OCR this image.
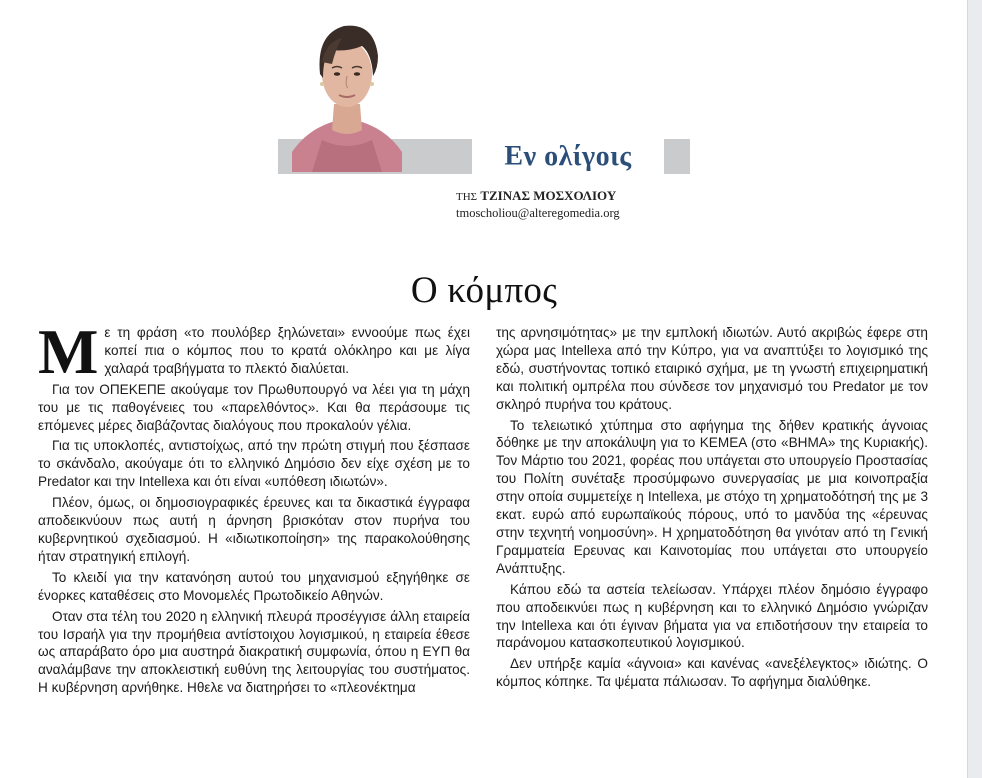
Εν ολίγοις
ΤΗΣ ΤΖΙΝΑΣ ΜΟΣΧΟΛΙΟΥ
tmoscholiou@alteregomedia.org
Ο κόμπος

Με τη φράση «το πουλόβερ ξηλώνεται» εννοούμε πως έχει κοπεί πια ο κόμπος που το κρατά ολόκληρο και με λίγα χαλαρά τραβήγματα το πλεκτό διαλύεται.

Για τον ΟΠΕΚΕΠΕ ακούγαμε τον Πρωθυπουργό να λέει για τη μάχη του με τις παθογένειες του «παρελθόντος». Και θα περάσουμε τις επόμενες μέρες διαβάζοντας διαλόγους που προκαλούν γέλια.

Για τις υποκλοπές, αντιστοίχως, από την πρώτη στιγμή που ξέσπασε το σκάνδαλο, ακούγαμε ότι το ελληνικό Δημόσιο δεν είχε σχέση με το Predator και την Intellexa και ότι είναι «υπόθεση ιδιωτών».

Πλέον, όμως, οι δημοσιογραφικές έρευνες και τα δικαστικά έγγραφα αποδεικνύουν πως αυτή η άρνηση βρισκόταν στον πυρήνα του κυβερνητικού σχεδιασμού. Η «ιδιωτικοποίηση» της παρακολούθησης ήταν στρατηγική επιλογή.

Το κλειδί για την κατανόηση αυτού του μηχανισμού εξηγήθηκε σε ένορκες καταθέσεις στο Μονομελές Πρωτοδικείο Αθηνών.

Οταν στα τέλη του 2020 η ελληνική πλευρά προσέγγισε άλλη εταιρεία του Ισραήλ για την προμήθεια αντίστοιχου λογισμικού, η εταιρεία έθεσε ως απαράβατο όρο μια αυστηρά διακρατική συμφωνία, όπου η ΕΥΠ θα αναλάμβανε την αποκλειστική ευθύνη της λειτουργίας του συστήματος. Η κυβέρνηση αρνήθηκε. Ηθελε να διατηρήσει το «πλεονέκτημα

της αρνησιμότητας» με την εμπλοκή ιδιωτών. Αυτό ακριβώς έφερε στη χώρα μας Intellexa από την Κύπρο, για να αναπτύξει το λογισμικό της εδώ, συστήνοντας τοπικό εταιρικό σχήμα, με τη γνωστή επιχειρηματική και πολιτική ομπρέλα που σύνδεσε τον μηχανισμό του Predator με τον σκληρό πυρήνα του κράτους.

Το τελειωτικό χτύπημα στο αφήγημα της δήθεν κρατικής άγνοιας δόθηκε με την αποκάλυψη για το ΚΕΜΕΑ (στο «ΒΗΜΑ» της Κυριακής). Τον Μάρτιο του 2021, φορέας που υπάγεται στο υπουργείο Προστασίας του Πολίτη συνέταξε προσύμφωνο συνεργασίας με μια κοινοπραξία στην οποία συμμετείχε η Intellexa, με στόχο τη χρηματοδότησή της με 3 εκατ. ευρώ από ευρωπαϊκούς πόρους, υπό το μανδύα της «έρευνας στην τεχνητή νοημοσύνη». Η χρηματοδότηση θα γινόταν από τη Γενική Γραμματεία Ερευνας και Καινοτομίας που υπάγεται στο υπουργείο Ανάπτυξης.

Κάπου εδώ τα αστεία τελείωσαν. Υπάρχει πλέον δημόσιο έγγραφο που αποδεικνύει πως η κυβέρνηση και το ελληνικό Δημόσιο γνώριζαν την Intellexa και ότι έγιναν βήματα για να επιδοτήσουν την εταιρεία το παράνομου κατασκοπευτικού λογισμικού.

Δεν υπήρξε καμία «άγνοια» και κανένας «ανεξέλεγκτος» ιδιώτης. Ο κόμπος κόπηκε. Τα ψέματα πάλιωσαν. Το αφήγημα διαλύθηκε.
